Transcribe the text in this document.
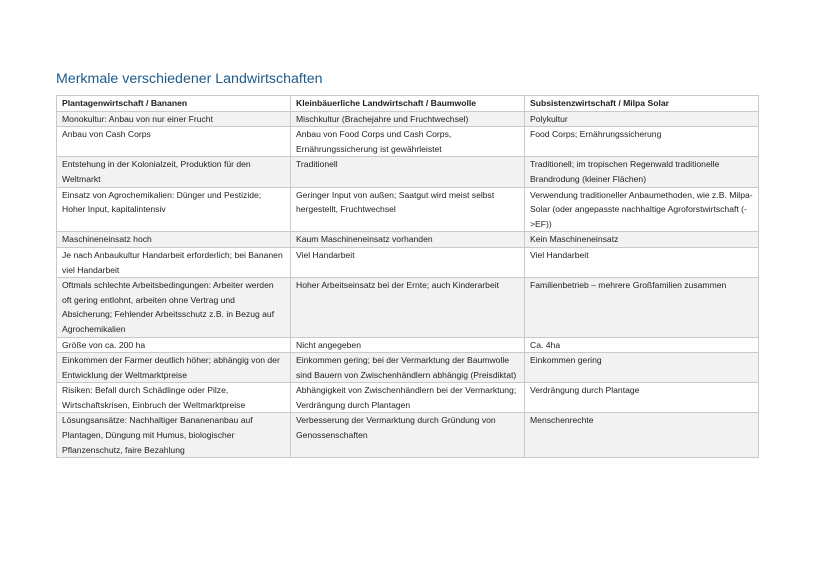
Merkmale verschiedener Landwirtschaften
Plantagenwirtschaft / Bananen	Kleinbäuerliche Landwirtschaft / Baumwolle	Subsistenzwirtschaft / Milpa Solar
Monokultur: Anbau von nur einer Frucht	Mischkultur (Brachejahre und Fruchtwechsel)	Polykultur
Anbau von Cash Corps	Anbau von Food Corps und Cash Corps, Ernährungssicherung ist gewährleistet	Food Corps; Ernährungssicherung
Entstehung in der Kolonialzeit, Produktion für den Weltmarkt	Traditionell	Traditionell; im tropischen Regenwald traditionelle Brandrodung (kleiner Flächen)
Einsatz von Agrochemikalien: Dünger und Pestizide; Hoher Input, kapitalintensiv	Geringer Input von außen; Saatgut wird meist selbst hergestellt, Fruchtwechsel	Verwendung traditioneller Anbaumethoden, wie z.B. Milpa-Solar (oder angepasste nachhaltige Agroforstwirtschaft (->EF))
Maschineneinsatz hoch	Kaum Maschineneinsatz vorhanden	Kein Maschineneinsatz
Je nach Anbaukultur Handarbeit erforderlich; bei Bananen viel Handarbeit	Viel Handarbeit	Viel Handarbeit
Oftmals schlechte Arbeitsbedingungen: Arbeiter werden oft gering entlohnt, arbeiten ohne Vertrag und Absicherung; Fehlender Arbeitsschutz z.B. in Bezug auf Agrochemikalien	Hoher Arbeitseinsatz bei der Ernte; auch Kinderarbeit	Familienbetrieb – mehrere Großfamilien zusammen
Größe von ca. 200 ha	Nicht angegeben	Ca. 4ha
Einkommen der Farmer deutlich höher; abhängig von der Entwicklung der Weltmarktpreise	Einkommen gering; bei der Vermarktung der Baumwolle sind Bauern von Zwischenhändlern abhängig (Preisdiktat)	Einkommen gering
Risiken: Befall durch Schädlinge oder Pilze, Wirtschaftskrisen, Einbruch der Weltmarktpreise	Abhängigkeit von Zwischenhändlern bei der Vermarktung; Verdrängung durch Plantagen	Verdrängung durch Plantage
Lösungsansätze: Nachhaltiger Bananenanbau auf Plantagen, Düngung mit Humus, biologischer Pflanzenschutz, faire Bezahlung	Verbesserung der Vermarktung durch Gründung von Genossenschaften	Menschenrechte
